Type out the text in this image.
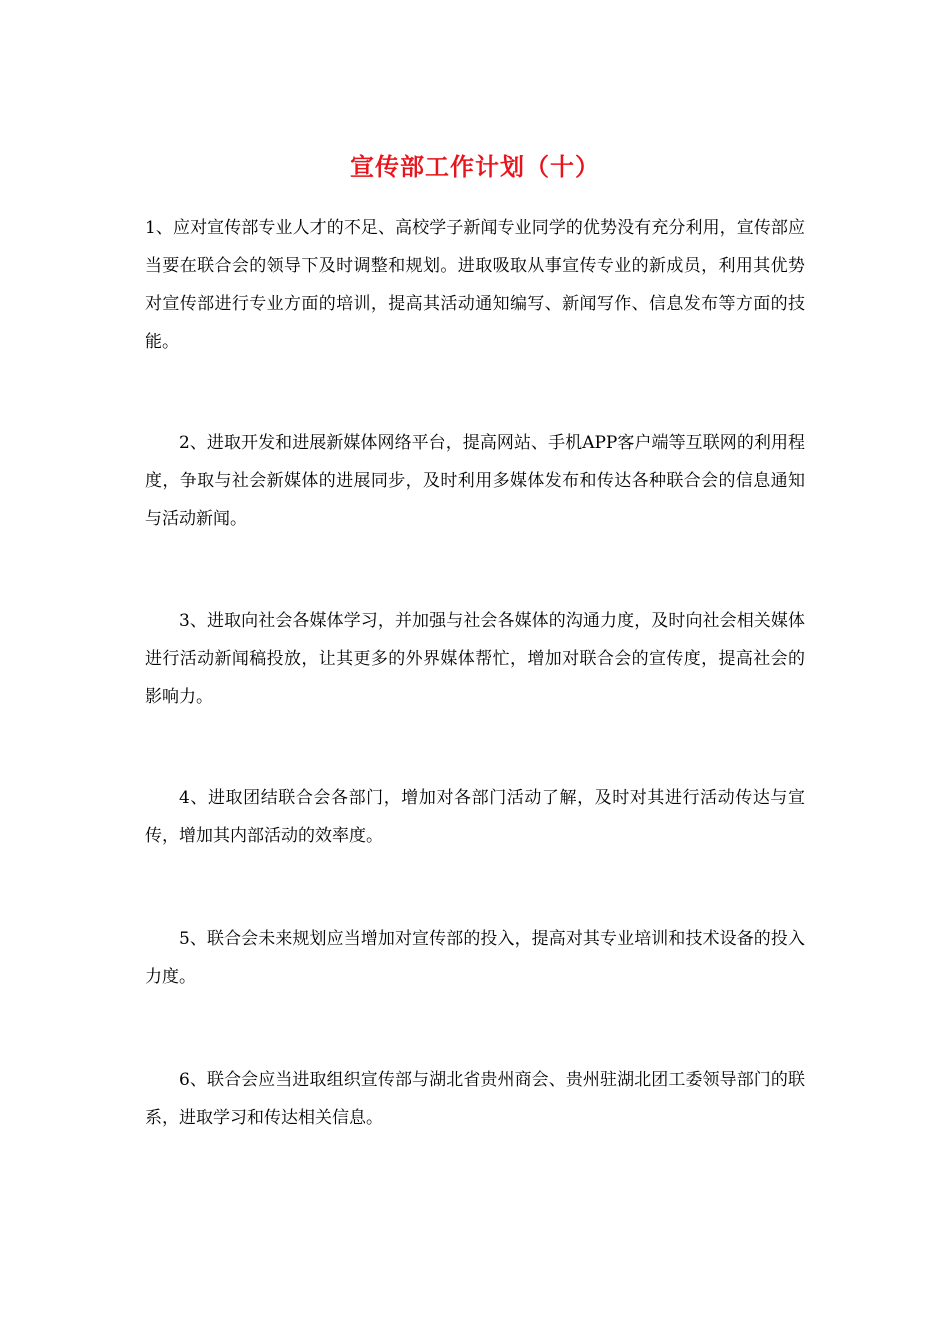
宣传部工作计划（十）

1、应对宣传部专业人才的不足、高校学子新闻专业同学的优势没有充分利用，宣传部应当要在联合会的领导下及时调整和规划。进取吸取从事宣传专业的新成员，利用其优势对宣传部进行专业方面的培训，提高其活动通知编写、新闻写作、信息发布等方面的技能。

2、进取开发和进展新媒体网络平台，提高网站、手机APP客户端等互联网的利用程度，争取与社会新媒体的进展同步，及时利用多媒体发布和传达各种联合会的信息通知与活动新闻。

3、进取向社会各媒体学习，并加强与社会各媒体的沟通力度，及时向社会相关媒体进行活动新闻稿投放，让其更多的外界媒体帮忙，增加对联合会的宣传度，提高社会的影响力。

4、进取团结联合会各部门，增加对各部门活动了解，及时对其进行活动传达与宣传，增加其内部活动的效率度。

5、联合会未来规划应当增加对宣传部的投入，提高对其专业培训和技术设备的投入力度。

6、联合会应当进取组织宣传部与湖北省贵州商会、贵州驻湖北团工委领导部门的联系，进取学习和传达相关信息。
